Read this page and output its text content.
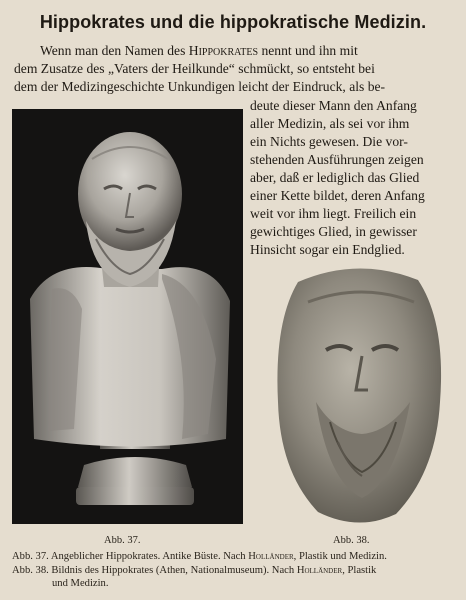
Hippokrates und die hippokratische Medizin.
Wenn man den Namen des Hippokrates nennt und ihn mit
dem Zusatze des „Vaters der Heilkunde“ schmückt, so entsteht bei
dem der Medizingeschichte Unkundigen leicht der Eindruck, als be-
deute dieser Mann den Anfang
aller Medizin, als sei vor ihm
ein Nichts gewesen. Die vor-
stehenden Ausführungen zeigen
aber, daß er lediglich das Glied
einer Kette bildet, deren Anfang
weit vor ihm liegt. Freilich ein
gewichtiges Glied, in gewisser
Hinsicht sogar ein Endglied.
Abb. 37.	Abb. 38.
Abb. 37. Angeblicher Hippokrates. Antike Büste. Nach Holländer, Plastik und Medizin.
Abb. 38. Bildnis des Hippokrates (Athen, Nationalmuseum). Nach Holländer, Plastik
und Medizin.
